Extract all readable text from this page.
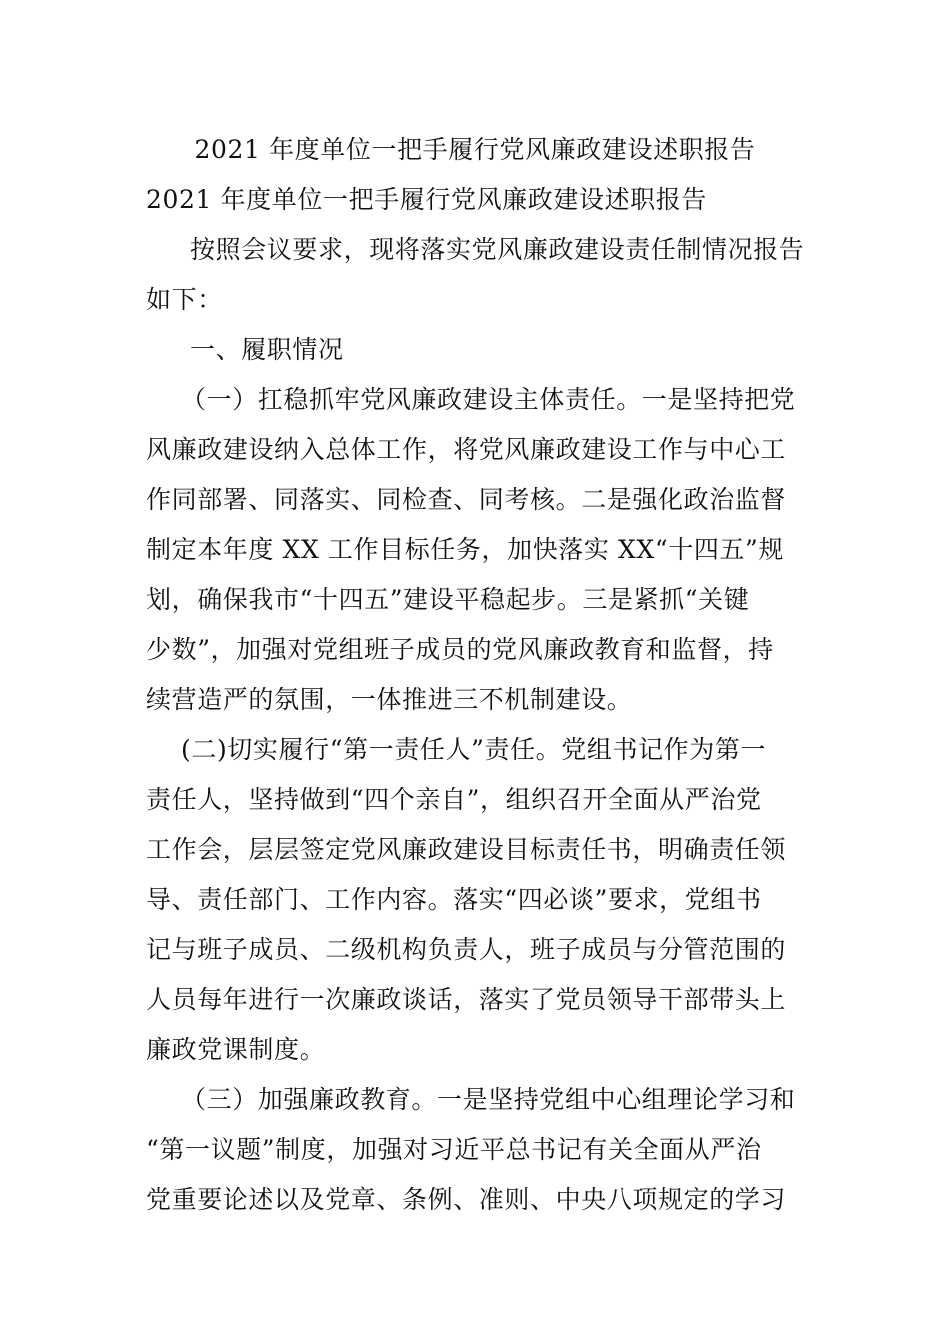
2021 年度单位一把手履行党风廉政建设述职报告
2021 年度单位一把手履行党风廉政建设述职报告
按照会议要求，现将落实党风廉政建设责任制情况报告
如下：
一、履职情况
（一）扛稳抓牢党风廉政建设主体责任。一是坚持把党
风廉政建设纳入总体工作，将党风廉政建设工作与中心工
作同部署、同落实、同检查、同考核。二是强化政治监督
制定本年度 XX 工作目标任务，加快落实 XX“十四五”规
划，确保我市“十四五”建设平稳起步。三是紧抓“关键
少数”，加强对党组班子成员的党风廉政教育和监督，持
续营造严的氛围，一体推进三不机制建设。
(二)切实履行“第一责任人”责任。党组书记作为第一
责任人，坚持做到“四个亲自”，组织召开全面从严治党
工作会，层层签定党风廉政建设目标责任书，明确责任领
导、责任部门、工作内容。落实“四必谈”要求，党组书
记与班子成员、二级机构负责人，班子成员与分管范围的
人员每年进行一次廉政谈话，落实了党员领导干部带头上
廉政党课制度。
（三）加强廉政教育。一是坚持党组中心组理论学习和
“第一议题”制度，加强对习近平总书记有关全面从严治
党重要论述以及党章、条例、准则、中央八项规定的学习
